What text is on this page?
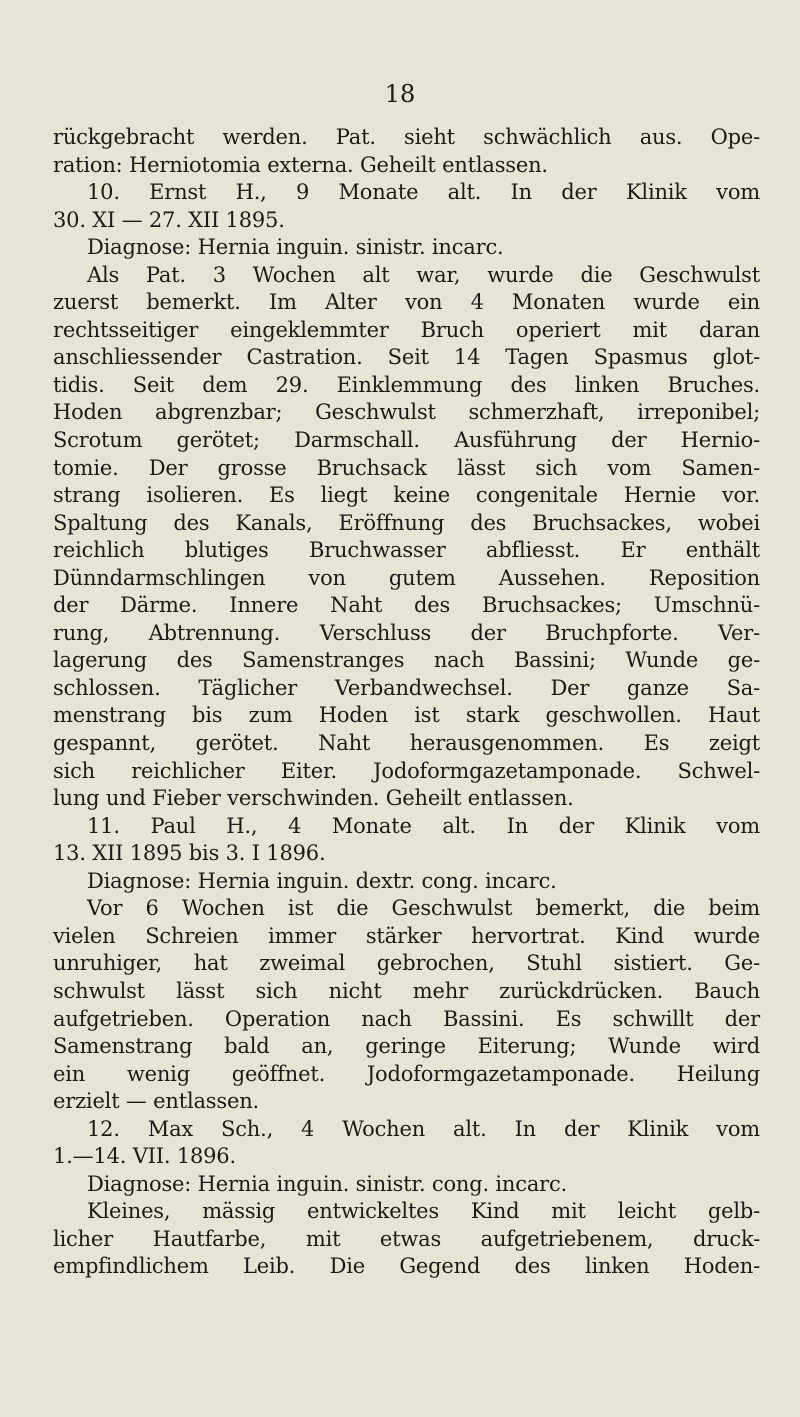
18
rückgebracht werden. Pat. sieht schwächlich aus. Ope-
ration: Herniotomia externa. Geheilt entlassen.
10. Ernst H., 9 Monate alt. In der Klinik vom
30. XI — 27. XII 1895.
Diagnose: Hernia inguin. sinistr. incarc.
Als Pat. 3 Wochen alt war, wurde die Geschwulst
zuerst bemerkt. Im Alter von 4 Monaten wurde ein
rechtsseitiger eingeklemmter Bruch operiert mit daran
anschliessender Castration. Seit 14 Tagen Spasmus glot-
tidis. Seit dem 29. Einklemmung des linken Bruches.
Hoden abgrenzbar; Geschwulst schmerzhaft, irreponibel;
Scrotum gerötet; Darmschall. Ausführung der Hernio-
tomie. Der grosse Bruchsack lässt sich vom Samen-
strang isolieren. Es liegt keine congenitale Hernie vor.
Spaltung des Kanals, Eröffnung des Bruchsackes, wobei
reichlich blutiges Bruchwasser abfliesst. Er enthält
Dünndarmschlingen von gutem Aussehen. Reposition
der Därme. Innere Naht des Bruchsackes; Umschnü-
rung, Abtrennung. Verschluss der Bruchpforte. Ver-
lagerung des Samenstranges nach Bassini; Wunde ge-
schlossen. Täglicher Verbandwechsel. Der ganze Sa-
menstrang bis zum Hoden ist stark geschwollen. Haut
gespannt, gerötet. Naht herausgenommen. Es zeigt
sich reichlicher Eiter. Jodoformgazetamponade. Schwel-
lung und Fieber verschwinden. Geheilt entlassen.
11. Paul H., 4 Monate alt. In der Klinik vom
13. XII 1895 bis 3. I 1896.
Diagnose: Hernia inguin. dextr. cong. incarc.
Vor 6 Wochen ist die Geschwulst bemerkt, die beim
vielen Schreien immer stärker hervortrat. Kind wurde
unruhiger, hat zweimal gebrochen, Stuhl sistiert. Ge-
schwulst lässt sich nicht mehr zurückdrücken. Bauch
aufgetrieben. Operation nach Bassini. Es schwillt der
Samenstrang bald an, geringe Eiterung; Wunde wird
ein wenig geöffnet. Jodoformgazetamponade. Heilung
erzielt — entlassen.
12. Max Sch., 4 Wochen alt. In der Klinik vom
1.—14. VII. 1896.
Diagnose: Hernia inguin. sinistr. cong. incarc.
Kleines, mässig entwickeltes Kind mit leicht gelb-
licher Hautfarbe, mit etwas aufgetriebenem, druck-
empfindlichem Leib. Die Gegend des linken Hoden-
